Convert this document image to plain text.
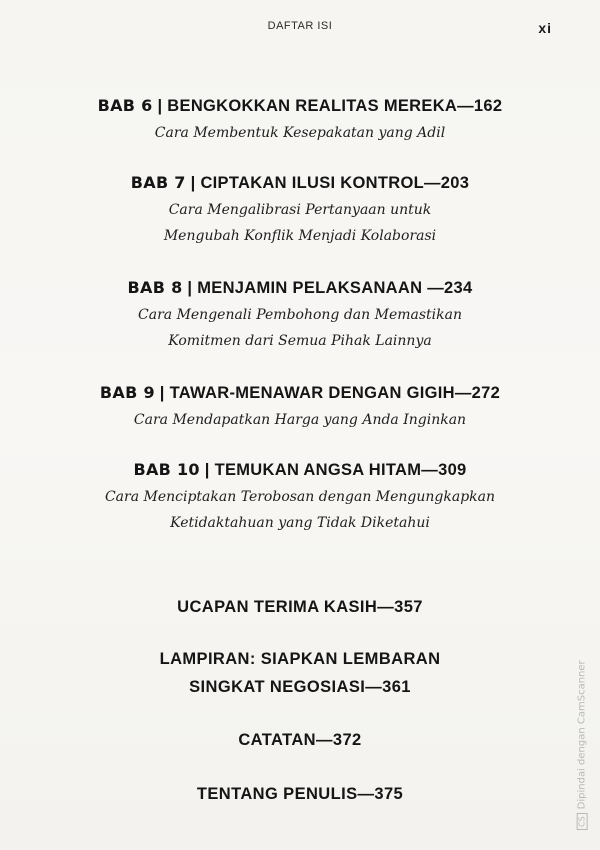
DAFTAR ISI	xi
BAB 6 | BENGKOKKAN REALITAS MEREKA—162
Cara Membentuk Kesepakatan yang Adil
BAB 7 | CIPTAKAN ILUSI KONTROL—203
Cara Mengalibrasi Pertanyaan untuk
Mengubah Konflik Menjadi Kolaborasi
BAB 8 | MENJAMIN PELAKSANAAN —234
Cara Mengenali Pembohong dan Memastikan
Komitmen dari Semua Pihak Lainnya
BAB 9 | TAWAR-MENAWAR DENGAN GIGIH—272
Cara Mendapatkan Harga yang Anda Inginkan
BAB 10 | TEMUKAN ANGSA HITAM—309
Cara Menciptakan Terobosan dengan Mengungkapkan
Ketidaktahuan yang Tidak Diketahui
UCAPAN TERIMA KASIH—357
LAMPIRAN: SIAPKAN LEMBARAN
SINGKAT NEGOSIASI—361
CATATAN—372
TENTANG PENULIS—375
CSDipindai dengan CamScanner
